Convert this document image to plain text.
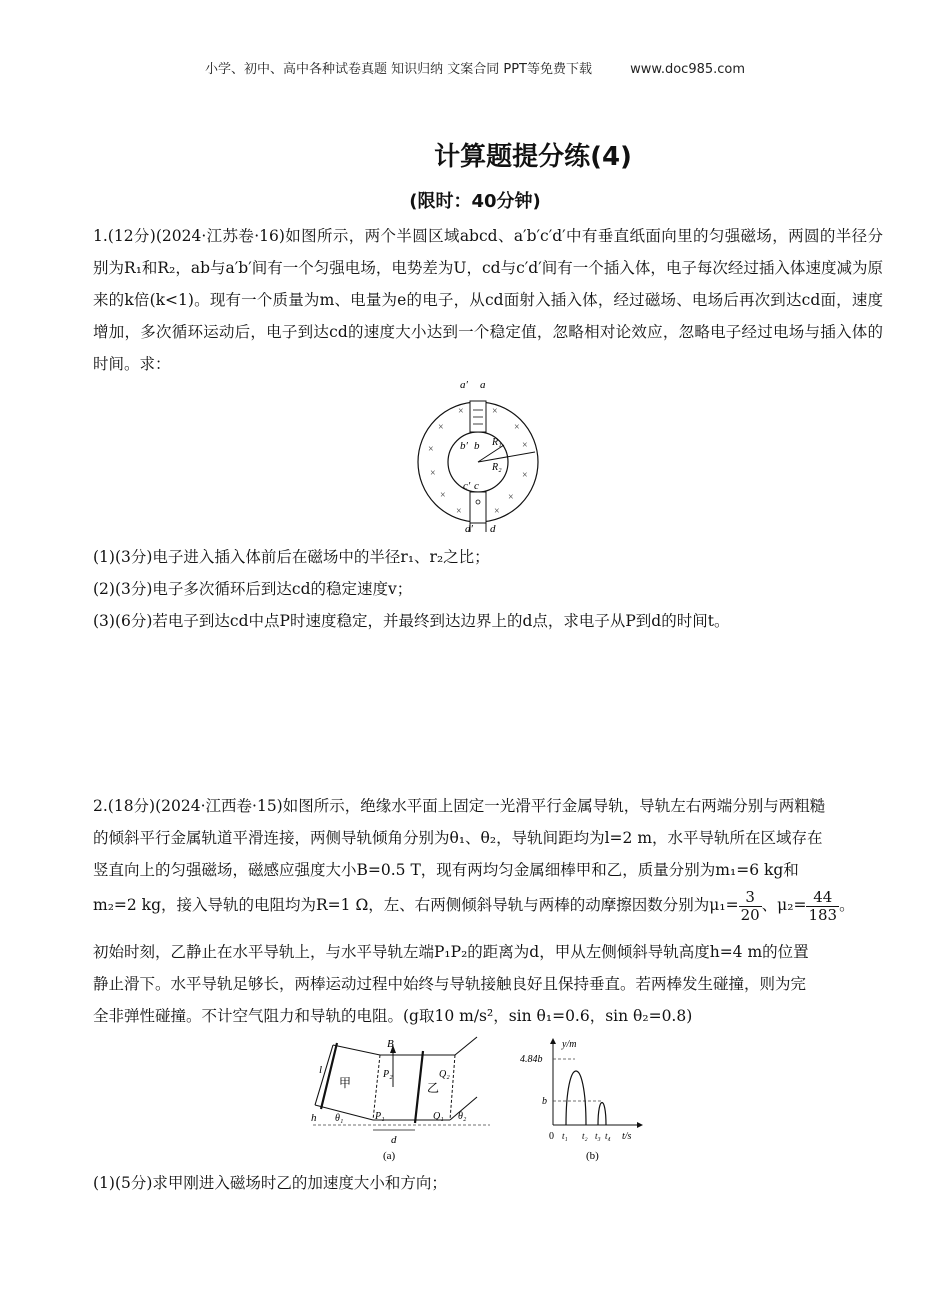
小学、初中、高中各种试卷真题 知识归纳 文案合同 PPT等免费下载	www.doc985.com
计算题提分练(4)
(限时：40分钟)
1.(12分)(2024·江苏卷·16)如图所示，两个半圆区域abcd、a′b′c′d′中有垂直纸面向里的匀强磁场，两圆的半径分别为R₁和R₂，ab与a′b′间有一个匀强电场，电势差为U，cd与c′d′间有一个插入体，电子每次经过插入体速度减为原来的k倍(k<1)。现有一个质量为m、电量为e的电子，从cd面射入插入体，经过磁场、电场后再次到达cd面，速度增加，多次循环运动后，电子到达cd的速度大小达到一个稳定值，忽略相对论效应，忽略电子经过电场与插入体的时间。求：
a′ a
b′ b
c′ c
d′ d
R₁
R₂
×	×
×	×
×	×
×	×
×	×
×	×
(1)(3分)电子进入插入体前后在磁场中的半径r₁、r₂之比；
(2)(3分)电子多次循环后到达cd的稳定速度v；
(3)(6分)若电子到达cd中点P时速度稳定，并最终到达边界上的d点，求电子从P到d的时间t。
2.(18分)(2024·江西卷·15)如图所示，绝缘水平面上固定一光滑平行金属导轨，导轨左右两端分别与两粗糙
的倾斜平行金属轨道平滑连接，两侧导轨倾角分别为θ₁、θ₂，导轨间距均为l=2 m，水平导轨所在区域存在
竖直向上的匀强磁场，磁感应强度大小B=0.5 T，现有两均匀金属细棒甲和乙，质量分别为m₁=6 kg和
m₂=2 kg，接入导轨的电阻均为R=1 Ω，左、右两侧倾斜导轨与两棒的动摩擦因数分别为$\mu_1= \frac{3}{20}$ 、$\mu_2= \frac{44}{183}$ 。
初始时刻，乙静止在水平导轨上，与水平导轨左端P₁P₂的距离为d，甲从左侧倾斜导轨高度h=4 m的位置
静止滑下。水平导轨足够长，两棒运动过程中始终与导轨接触良好且保持垂直。若两棒发生碰撞，则为完
全非弹性碰撞。不计空气阻力和导轨的电阻。(g取10 m/s²，sin θ₁=0.6，sin θ₂=0.8)
B
l
h
甲	乙
P₂
P₁
Q₂
Q₁
θ₁	θ₂
d
(a)
y/m
t/s
4.84b
b
0 t₁ t₂ t₃ t₄
(b)
(1)(5分)求甲刚进入磁场时乙的加速度大小和方向；
